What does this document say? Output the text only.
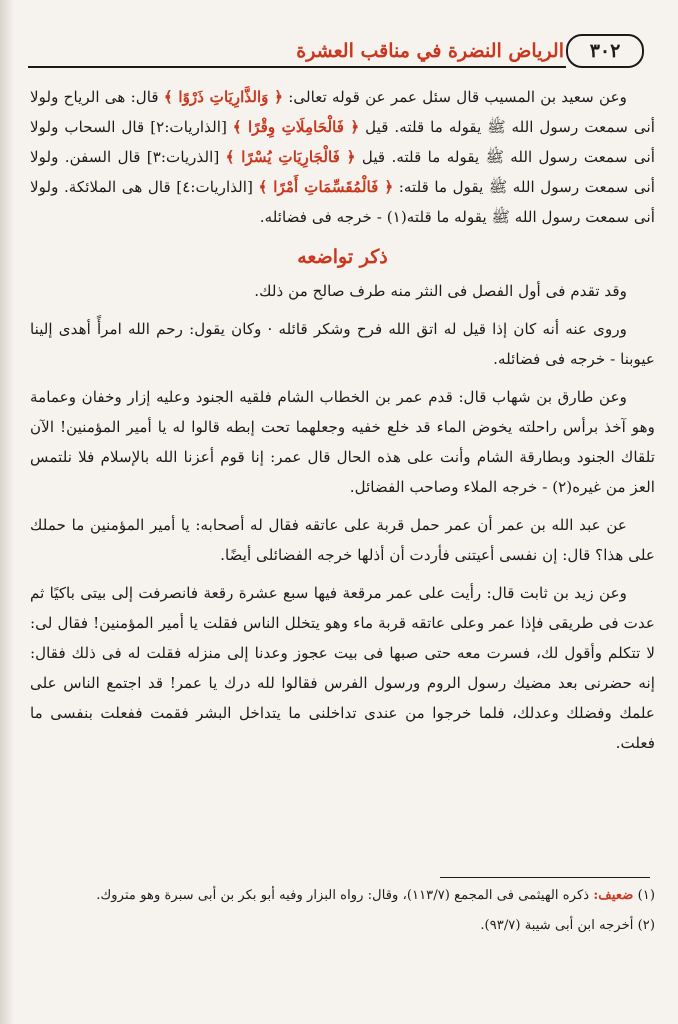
الرياض النضرة في مناقب العشرة	٣٠٢

وعن سعيد بن المسيب قال سئل عمر عن قوله تعالى: ﴿ وَالذَّارِيَاتِ ذَرْوًا ﴾ قال: هى الرياح ولولا أنى سمعت رسول الله ﷺ يقوله ما قلته. قيل ﴿ فَالْحَامِلَاتِ وِقْرًا ﴾ [الذاريات:٢] قال السحاب ولولا أنى سمعت رسول الله ﷺ يقوله ما قلته. قيل ﴿ فَالْجَارِيَاتِ يُسْرًا ﴾ [الذريات:٣] قال السفن. ولولا أنى سمعت رسول الله ﷺ يقول ما قلته: ﴿ فَالْمُقَسِّمَاتِ أَمْرًا ﴾ [الذاريات:٤] قال هى الملائكة. ولولا أنى سمعت رسول الله ﷺ يقوله ما قلته(١) - خرجه فى فضائله.

ذكر تواضعه

وقد تقدم فى أول الفصل فى النثر منه طرف صالح من ذلك.

وروى عنه أنه كان إذا قيل له اتق الله فرح وشكر قائله · وكان يقول: رحم الله امرأً أهدى إلينا عيوبنا - خرجه فى فضائله.

وعن طارق بن شهاب قال: قدم عمر بن الخطاب الشام فلقيه الجنود وعليه إزار وخفان وعمامة وهو آخذ برأس راحلته يخوض الماء قد خلع خفيه وجعلهما تحت إبطه قالوا له يا أمير المؤمنين! الآن تلقاك الجنود وبطارقة الشام وأنت على هذه الحال قال عمر: إنا قوم أعزنا الله بالإسلام فلا نلتمس العز من غيره(٢) - خرجه الملاء وصاحب الفضائل.

عن عبد الله بن عمر أن عمر حمل قربة على عاتقه فقال له أصحابه: يا أمير المؤمنين ما حملك على هذا؟ قال: إن نفسى أعيتنى فأردت أن أذلها خرجه الفضائلى أيضًا.

وعن زيد بن ثابت قال: رأيت على عمر مرقعة فيها سبع عشرة رقعة فانصرفت إلى بيتى باكيًا ثم عدت فى طريقى فإذا عمر وعلى عاتقه قربة ماء وهو يتخلل الناس فقلت يا أمير المؤمنين! فقال لى: لا تتكلم وأقول لك، فسرت معه حتى صبها فى بيت عجوز وعدنا إلى منزله فقلت له فى ذلك فقال: إنه حضرنى بعد مضيك رسول الروم ورسول الفرس فقالوا لله درك يا عمر! قد اجتمع الناس على علمك وفضلك وعدلك، فلما خرجوا من عندى تداخلنى ما يتداخل البشر فقمت ففعلت بنفسى ما فعلت.

(١) ضعيف: ذكره الهيثمى فى المجمع (١١٣/٧)، وقال: رواه البزار وفيه أبو بكر بن أبى سبرة وهو متروك.

(٢) أخرجه ابن أبى شيبة (٩٣/٧).
